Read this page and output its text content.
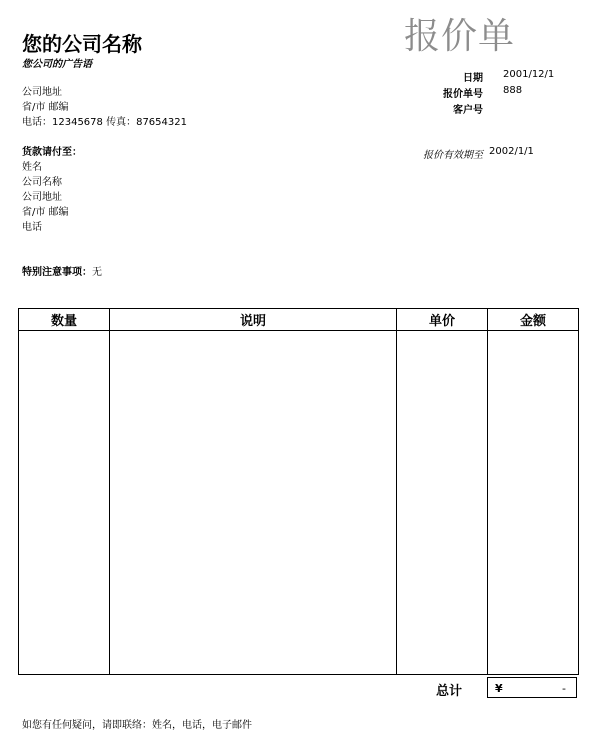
您的公司名称
您公司的广告语
报价单
公司地址
省/市 邮编
电话：12345678 传真：87654321
日期 2001/12/1
报价单号 888
客户号
货款请付至：
姓名
公司名称
公司地址
省/市 邮编
电话
报价有效期至 2002/1/1
特别注意事项：无
数量	说明	单价	金额

总计	¥	-
如您有任何疑问，请即联络：姓名，电话，电子邮件
